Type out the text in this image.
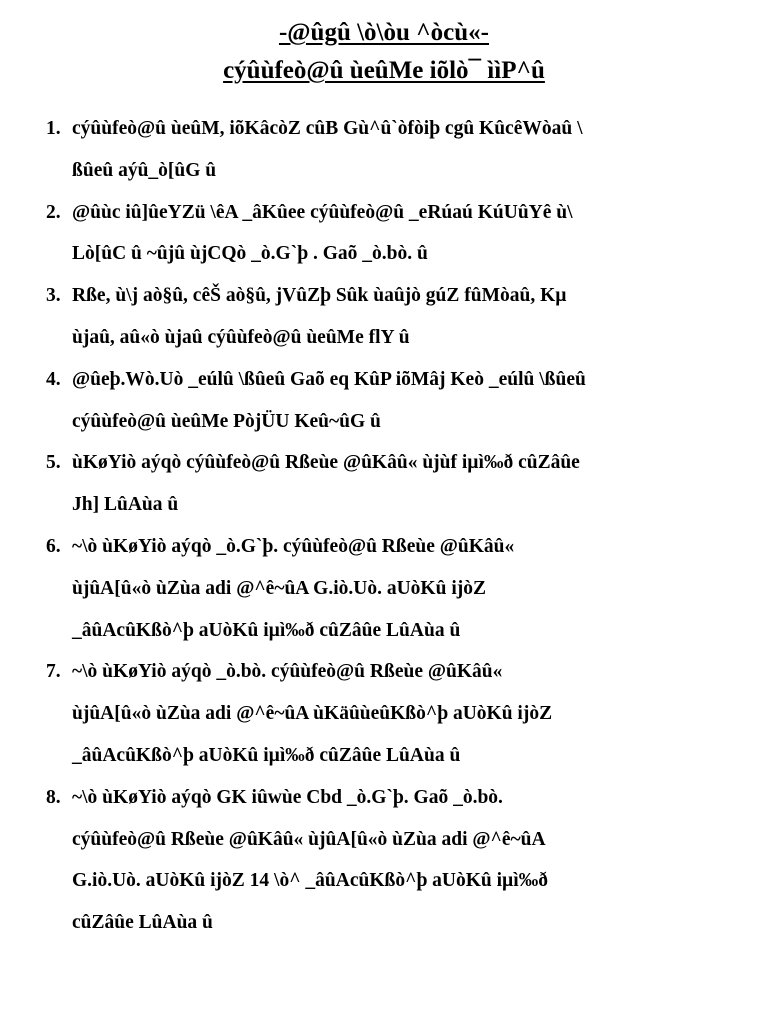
-@ûgû \ò\òu ^òcù«-
cýûùfeò@û ùeûMe iõlò¯ ììP^û
1. cýûùfeò@û ùeûM, iõKâcòZ cûB Gù^û`òfòiþ cgû KûcêWòaû \
ßûeû aýû_ò[ûG û
2. @ûùc iû]ûeYZü \êA _âKûee cýûùfeò@û _eRúaú KúUûYê ù\
Lò[ûC û ~ûjû ùjCQò _ò.G`þ . Gaõ _ò.bò. û
3. Rße, ù\j aò§û, cêŠ aò§û, jVûZþ Sûk ùaûjò gúZ fûMòaû, Kµ
ùjaû, aû«ò ùjaû cýûùfeò@û ùeûMe flY û
4. @ûeþ.Wò.Uò _eúlû \ßûeû Gaõ eq KûP iõMâj Keò _eúlû \ßûeû
cýûùfeò@û ùeûMe PòjÜU Keû~ûG û
5. ùKøYiò aýqò cýûùfeò@û Rßeùe @ûKâû« ùjùf iµì‰ð cûZâûe
Jh] LûAùa û
6. ~\ò ùKøYiò aýqò _ò.G`þ. cýûùfeò@û Rßeùe @ûKâû«
ùjûA[û«ò ùZùa adi @^ê~ûA G.iò.Uò. aUòKû ijòZ
_âûAcûKßò^þ aUòKû iµì‰ð cûZâûe LûAùa û
7. ~\ò ùKøYiò aýqò _ò.bò. cýûùfeò@û Rßeùe @ûKâû«
ùjûA[û«ò ùZùa adi @^ê~ûA ùKäûùeûKßò^þ aUòKû ijòZ
_âûAcûKßò^þ aUòKû iµì‰ð cûZâûe LûAùa û
8. ~\ò ùKøYiò aýqò GK iûwùe Cbd _ò.G`þ. Gaõ _ò.bò.
cýûùfeò@û Rßeùe @ûKâû« ùjûA[û«ò ùZùa adi @^ê~ûA
G.iò.Uò. aUòKû ijòZ 14 \ò^ _âûAcûKßò^þ aUòKû iµì‰ð
cûZâûe LûAùa û
